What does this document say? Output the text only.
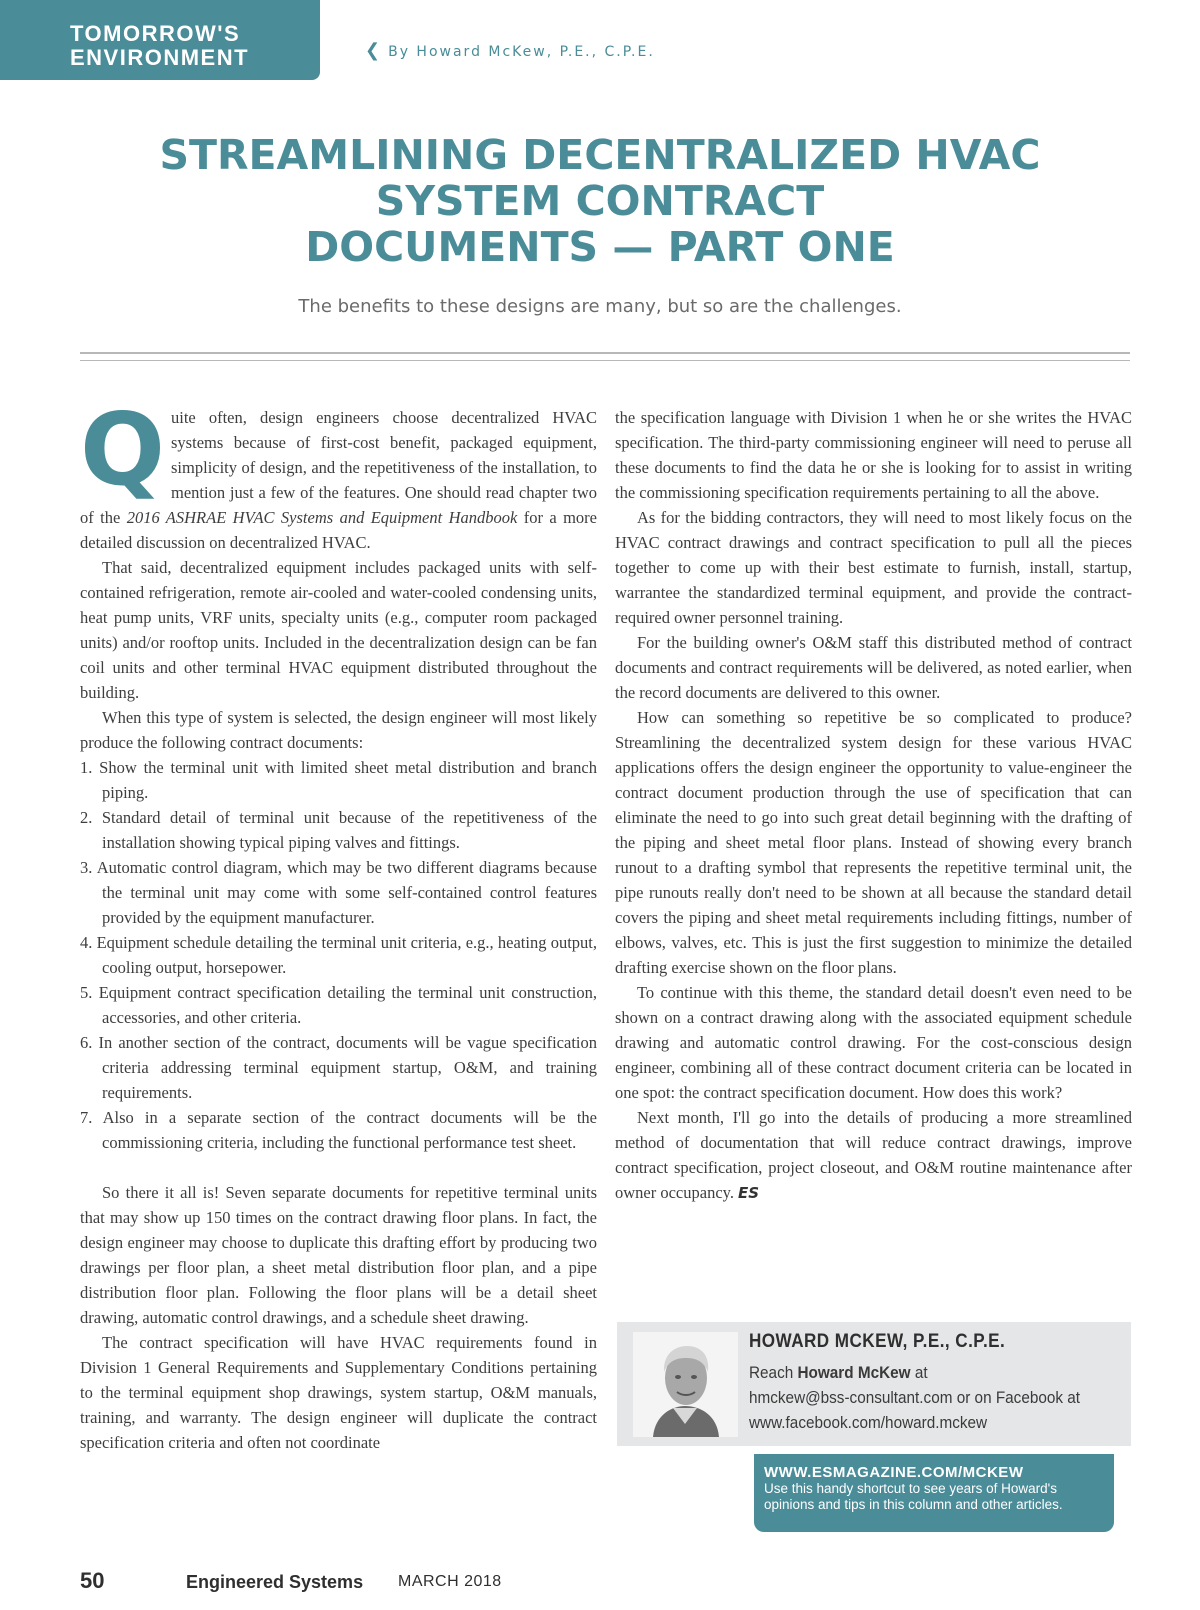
TOMORROW'S
ENVIRONMENT	❮ By Howard McKew, P.E., C.P.E.
STREAMLINING DECENTRALIZED HVAC
SYSTEM CONTRACT
DOCUMENTS — PART ONE
The benefits to these designs are many, but so are the challenges.

Quite often, design engineers choose decentralized HVAC systems because of first-cost benefit, packaged equipment, simplicity of design, and the repetitiveness of the installation, to mention just a few of the features. One should read chapter two of the 2016 ASHRAE HVAC Systems and Equipment Handbook for a more detailed discussion on decentralized HVAC.

That said, decentralized equipment includes packaged units with self-contained refrigeration, remote air-cooled and water-cooled condensing units, heat pump units, VRF units, specialty units (e.g., computer room packaged units) and/or rooftop units. Included in the decentralization design can be fan coil units and other terminal HVAC equipment distributed throughout the building.

When this type of system is selected, the design engineer will most likely produce the following contract documents:

1. Show the terminal unit with limited sheet metal distribution and branch piping.
2. Standard detail of terminal unit because of the repetitiveness of the installation showing typical piping valves and fittings.
3. Automatic control diagram, which may be two different diagrams because the terminal unit may come with some self-contained control features provided by the equipment manufacturer.
4. Equipment schedule detailing the terminal unit criteria, e.g., heating output, cooling output, horsepower.
5. Equipment contract specification detailing the terminal unit construction, accessories, and other criteria.
6. In another section of the contract, documents will be vague specification criteria addressing terminal equipment startup, O&M, and training requirements.
7. Also in a separate section of the contract documents will be the commissioning criteria, including the functional performance test sheet.

So there it all is! Seven separate documents for repetitive terminal units that may show up 150 times on the contract drawing floor plans. In fact, the design engineer may choose to duplicate this drafting effort by producing two drawings per floor plan, a sheet metal distribution floor plan, and a pipe distribution floor plan. Following the floor plans will be a detail sheet drawing, automatic control drawings, and a schedule sheet drawing.

The contract specification will have HVAC requirements found in Division 1 General Requirements and Supplementary Conditions pertaining to the terminal equipment shop drawings, system startup, O&M manuals, training, and warranty. The design engineer will duplicate the contract specification criteria and often not coordinate

the specification language with Division 1 when he or she writes the HVAC specification. The third-party commissioning engineer will need to peruse all these documents to find the data he or she is looking for to assist in writing the commissioning specification requirements pertaining to all the above.

As for the bidding contractors, they will need to most likely focus on the HVAC contract drawings and contract specification to pull all the pieces together to come up with their best estimate to furnish, install, startup, warrantee the standardized terminal equipment, and provide the contract-required owner personnel training.

For the building owner's O&M staff this distributed method of contract documents and contract requirements will be delivered, as noted earlier, when the record documents are delivered to this owner.

How can something so repetitive be so complicated to produce? Streamlining the decentralized system design for these various HVAC applications offers the design engineer the opportunity to value-engineer the contract document production through the use of specification that can eliminate the need to go into such great detail beginning with the drafting of the piping and sheet metal floor plans. Instead of showing every branch runout to a drafting symbol that represents the repetitive terminal unit, the pipe runouts really don't need to be shown at all because the standard detail covers the piping and sheet metal requirements including fittings, number of elbows, valves, etc. This is just the first suggestion to minimize the detailed drafting exercise shown on the floor plans.

To continue with this theme, the standard detail doesn't even need to be shown on a contract drawing along with the associated equipment schedule drawing and automatic control drawing. For the cost-conscious design engineer, combining all of these contract document criteria can be located in one spot: the contract specification document. How does this work?

Next month, I'll go into the details of producing a more streamlined method of documentation that will reduce contract drawings, improve contract specification, project closeout, and O&M routine maintenance after owner occupancy. ES

HOWARD MCKEW, P.E., C.P.E.
Reach Howard McKew at
hmckew@bss-consultant.com or on Facebook at
www.facebook.com/howard.mckew
WWW.ESMAGAZINE.COM/MCKEW
Use this handy shortcut to see years of Howard's opinions and tips in this column and other articles.
50	Engineered Systems MARCH 2018
